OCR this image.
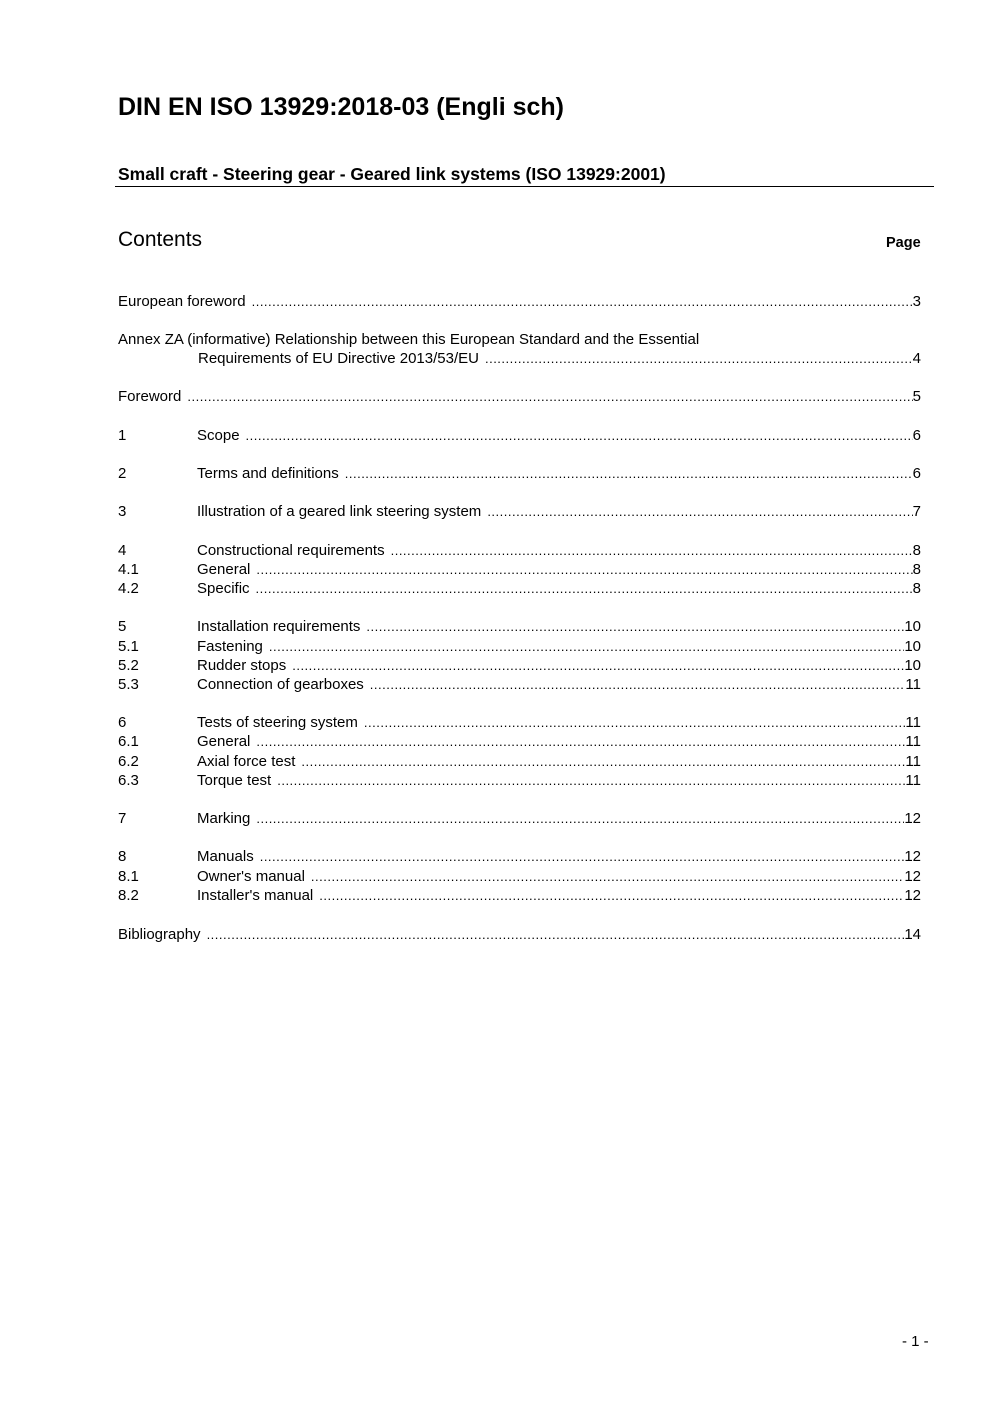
DIN EN ISO 13929:2018-03 (Engli sch)
Small craft - Steering gear - Geared link systems (ISO 13929:2001)
Contents	Page
European foreword .....	3
Annex ZA (informative) Relationship between this European Standard and the Essential
Requirements of EU Directive 2013/53/EU .....	4
Foreword .....	5
1	Scope .....	6
2	Terms and definitions .....	6
3	Illustration of a geared link steering system .....	7
4	Constructional requirements .....	8
4.1	General .....	8
4.2	Specific .....	8
5	Installation requirements .....	10
5.1	Fastening .....	10
5.2	Rudder stops .....	10
5.3	Connection of gearboxes .....	11
6	Tests of steering system .....	11
6.1	General .....	11
6.2	Axial force test .....	11
6.3	Torque test .....	11
7	Marking .....	12
8	Manuals .....	12
8.1	Owner's manual .....	12
8.2	Installer's manual .....	12
Bibliography .....	14
- 1 -
